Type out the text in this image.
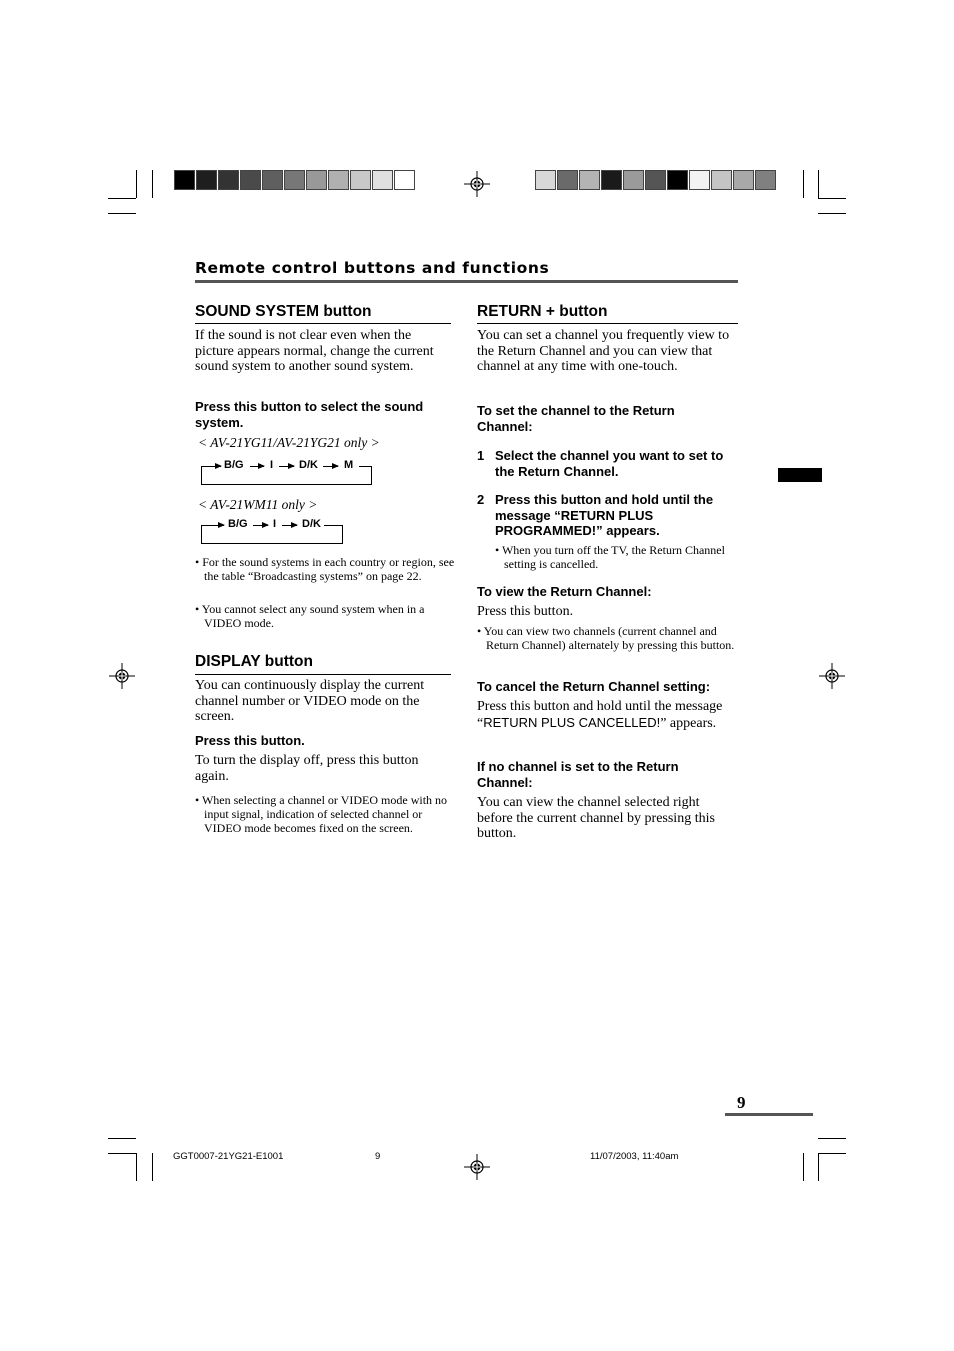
Remote control buttons and functions
SOUND SYSTEM button
If the sound is not clear even when the picture appears normal, change the current sound system to another sound system.
Press this button to select the sound system.
< AV-21YG11/AV-21YG21 only >
B/G I D/K M
< AV-21WM11 only >
B/G I D/K
• For the sound systems in each country or region, see the table “Broadcasting systems” on page 22.
• You cannot select any sound system when in a VIDEO mode.
DISPLAY button
You can continuously display the current channel number or VIDEO mode on the screen.
Press this button.
To turn the display off, press this button again.
• When selecting a channel or VIDEO mode with no input signal, indication of selected channel or VIDEO mode becomes fixed on the screen.
RETURN + button
You can set a channel you frequently view to the Return Channel and you can view that channel at any time with one-touch.
To set the channel to the Return Channel:
1 Select the channel you want to set to the Return Channel.
2 Press this button and hold until the message “RETURN PLUS PROGRAMMED!” appears.
• When you turn off the TV, the Return Channel setting is cancelled.
To view the Return Channel:
Press this button.
• You can view two channels (current channel and Return Channel) alternately by pressing this button.
To cancel the Return Channel setting:
Press this button and hold until the message “RETURN PLUS CANCELLED!” appears.
If no channel is set to the Return Channel:
You can view the channel selected right before the current channel by pressing this button.
9
GGT0007-21YG21-E1001	9	11/07/2003, 11:40am
